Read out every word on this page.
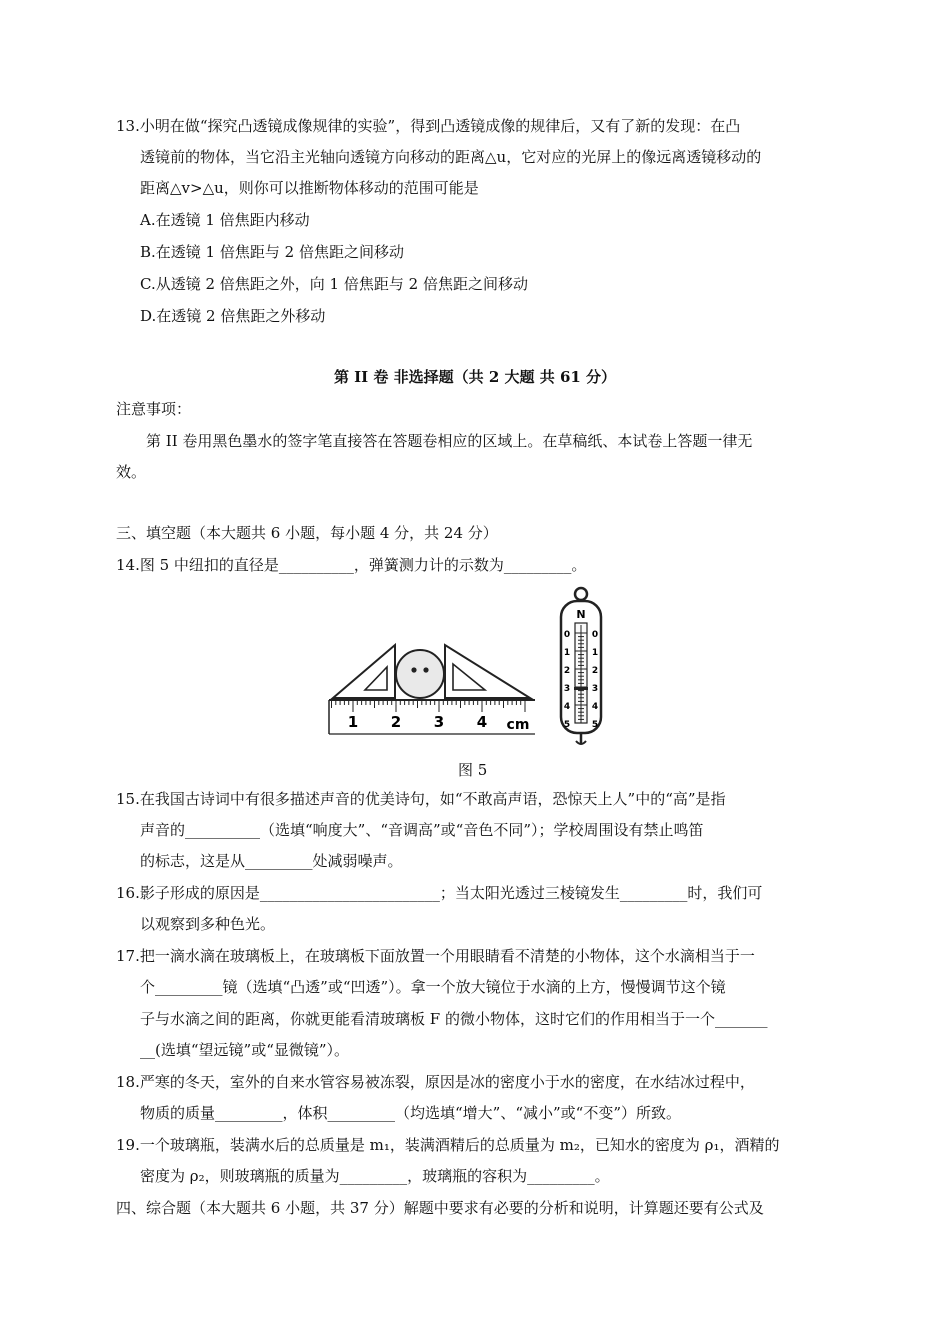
13.小明在做“探究凸透镜成像规律的实验”，得到凸透镜成像的规律后，又有了新的发现：在凸
透镜前的物体，当它沿主光轴向透镜方向移动的距离△u，它对应的光屏上的像远离透镜移动的
距离△v>△u，则你可以推断物体移动的范围可能是
A.在透镜 1 倍焦距内移动
B.在透镜 1 倍焦距与 2 倍焦距之间移动
C.从透镜 2 倍焦距之外，向 1 倍焦距与 2 倍焦距之间移动
D.在透镜 2 倍焦距之外移动
第 II 卷 非选择题（共 2 大题 共 61 分）
注意事项：
第 II 卷用黑色墨水的签字笔直接答在答题卷相应的区域上。在草稿纸、本试卷上答题一律无
效。
三、填空题（本大题共 6 小题，每小题 4 分，共 24 分）
14.图 5 中纽扣的直径是__________，弹簧测力计的示数为_________。
1 2 3 4 cm
N
0
1
2
3
4
5
0
1
2
3
4
5
图 5
15.在我国古诗词中有很多描述声音的优美诗句，如“不敢高声语，恐惊天上人”中的“高”是指
声音的__________（选填“响度大”、“音调高”或“音色不同”）；学校周围设有禁止鸣笛
的标志，这是从_________处减弱噪声。
16.影子形成的原因是________________________；当太阳光透过三棱镜发生_________时，我们可
以观察到多种色光。
17.把一滴水滴在玻璃板上，在玻璃板下面放置一个用眼睛看不清楚的小物体，这个水滴相当于一
个_________镜（选填“凸透”或“凹透”）。拿一个放大镜位于水滴的上方，慢慢调节这个镜
子与水滴之间的距离，你就更能看清玻璃板 F 的微小物体，这时它们的作用相当于一个_______
__(选填“望远镜”或“显微镜”）。
18.严寒的冬天，室外的自来水管容易被冻裂，原因是冰的密度小于水的密度，在水结冰过程中，
物质的质量_________，体积_________（均选填“增大”、“减小”或“不变”）所致。
19.一个玻璃瓶，装满水后的总质量是 m₁，装满酒精后的总质量为 m₂，已知水的密度为 ρ₁，酒精的
密度为 ρ₂，则玻璃瓶的质量为_________，玻璃瓶的容积为_________。
四、综合题（本大题共 6 小题，共 37 分）解题中要求有必要的分析和说明，计算题还要有公式及
